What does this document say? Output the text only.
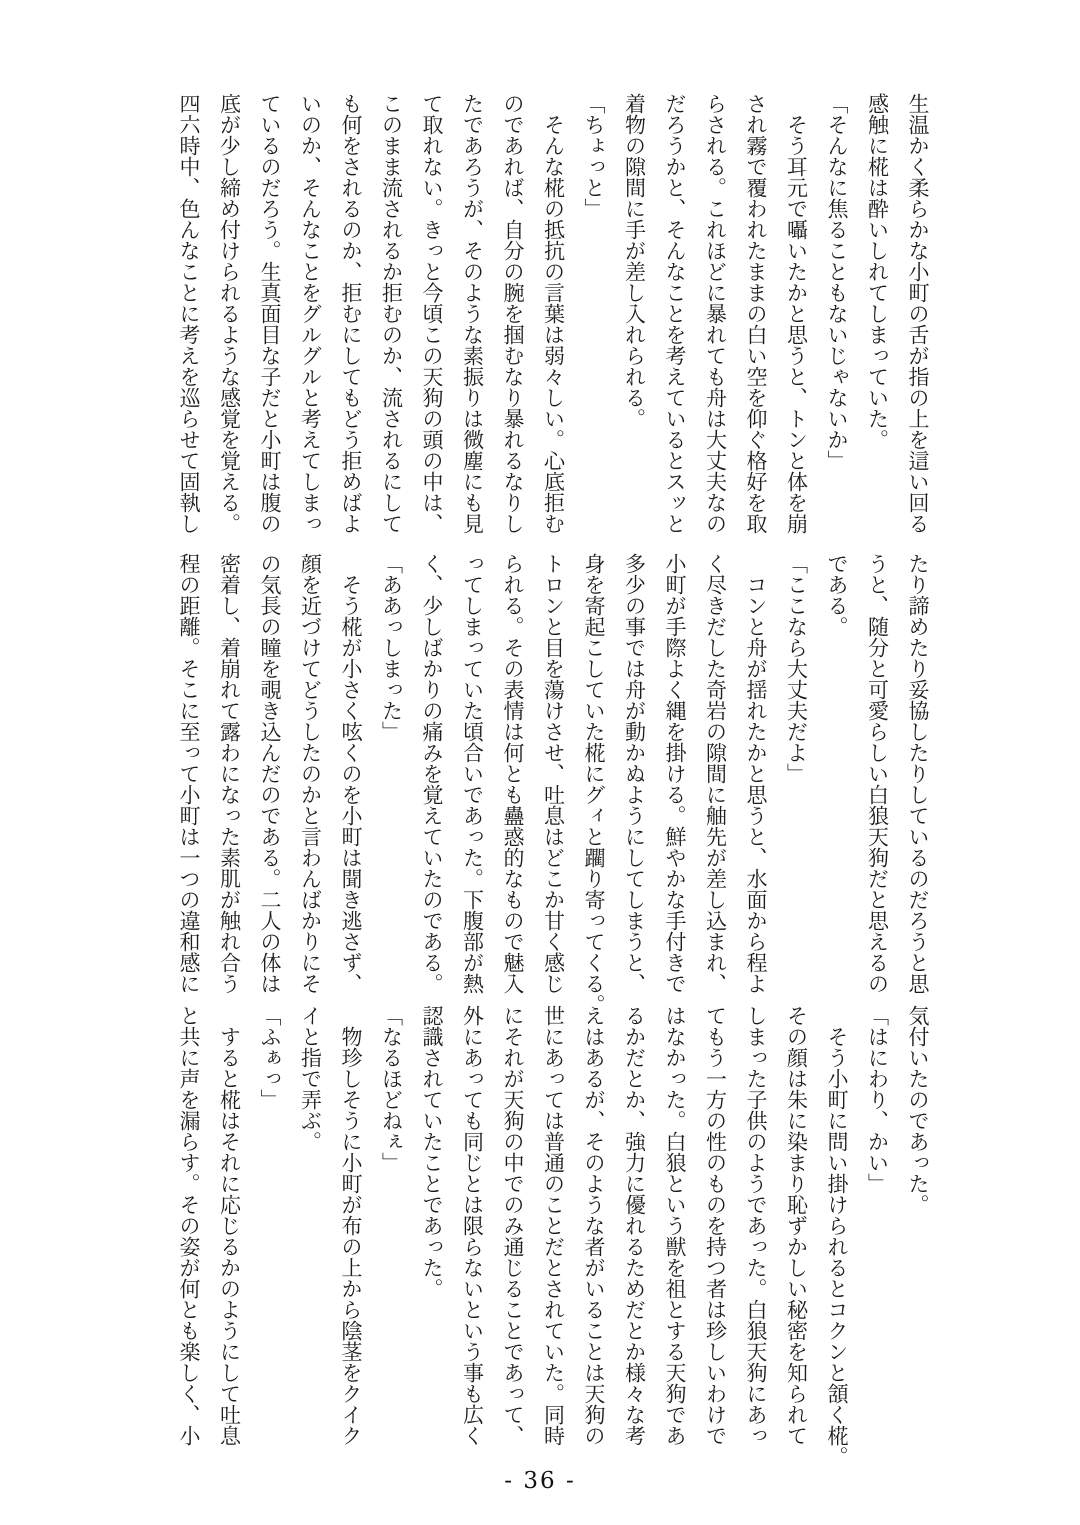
生温かく柔らかな小町の舌が指の上を這い回る

感触に椛は酔いしれてしまっていた。

「そんなに焦ることもないじゃないか」

　そう耳元で囁いたかと思うと、トンと体を崩

され霧で覆われたままの白い空を仰ぐ格好を取

らされる。これほどに暴れても舟は大丈夫なの

だろうかと、そんなことを考えているとスッと

着物の隙間に手が差し入れられる。

「ちょっと」

　そんな椛の抵抗の言葉は弱々しい。心底拒む

のであれば、自分の腕を掴むなり暴れるなりし

たであろうが、そのような素振りは微塵にも見

て取れない。きっと今頃この天狗の頭の中は、

このまま流されるか拒むのか、流されるにして

も何をされるのか、拒むにしてもどう拒めばよ

いのか、そんなことをグルグルと考えてしまっ

ているのだろう。生真面目な子だと小町は腹の

底が少し締め付けられるような感覚を覚える。

四六時中、色んなことに考えを巡らせて固執し

たり諦めたり妥協したりしているのだろうと思

うと、随分と可愛らしい白狼天狗だと思えるの

である。

「ここなら大丈夫だよ」

　コンと舟が揺れたかと思うと、水面から程よ

く尽きだした奇岩の隙間に舳先が差し込まれ、

小町が手際よく縄を掛ける。鮮やかな手付きで

多少の事では舟が動かぬようにしてしまうと、

身を寄起こしていた椛にグィと躙り寄ってくる。

トロンと目を蕩けさせ、吐息はどこか甘く感じ

られる。その表情は何とも蠱惑的なもので魅入

ってしまっていた頃合いであった。下腹部が熱

く、少しばかりの痛みを覚えていたのである。

「ああっしまった」

　そう椛が小さく呟くのを小町は聞き逃さず、

顔を近づけてどうしたのかと言わんばかりにそ

の気長の瞳を覗き込んだのである。二人の体は

密着し、着崩れて露わになった素肌が触れ合う

程の距離。そこに至って小町は一つの違和感に

気付いたのであった。

「はにわり、かい」

　そう小町に問い掛けられるとコクンと頷く椛。

その顔は朱に染まり恥ずかしい秘密を知られて

しまった子供のようであった。白狼天狗にあっ

てもう一方の性のものを持つ者は珍しいわけで

はなかった。白狼という獣を祖とする天狗であ

るかだとか、強力に優れるためだとか様々な考

えはあるが、そのような者がいることは天狗の

世にあっては普通のことだとされていた。同時

にそれが天狗の中でのみ通じることであって、

外にあっても同じとは限らないという事も広く

認識されていたことであった。

「なるほどねぇ」

　物珍しそうに小町が布の上から陰茎をクイク

イと指で弄ぶ。

「ふぁっ」

　すると椛はそれに応じるかのようにして吐息

と共に声を漏らす。その姿が何とも楽しく、小

- 36 -
